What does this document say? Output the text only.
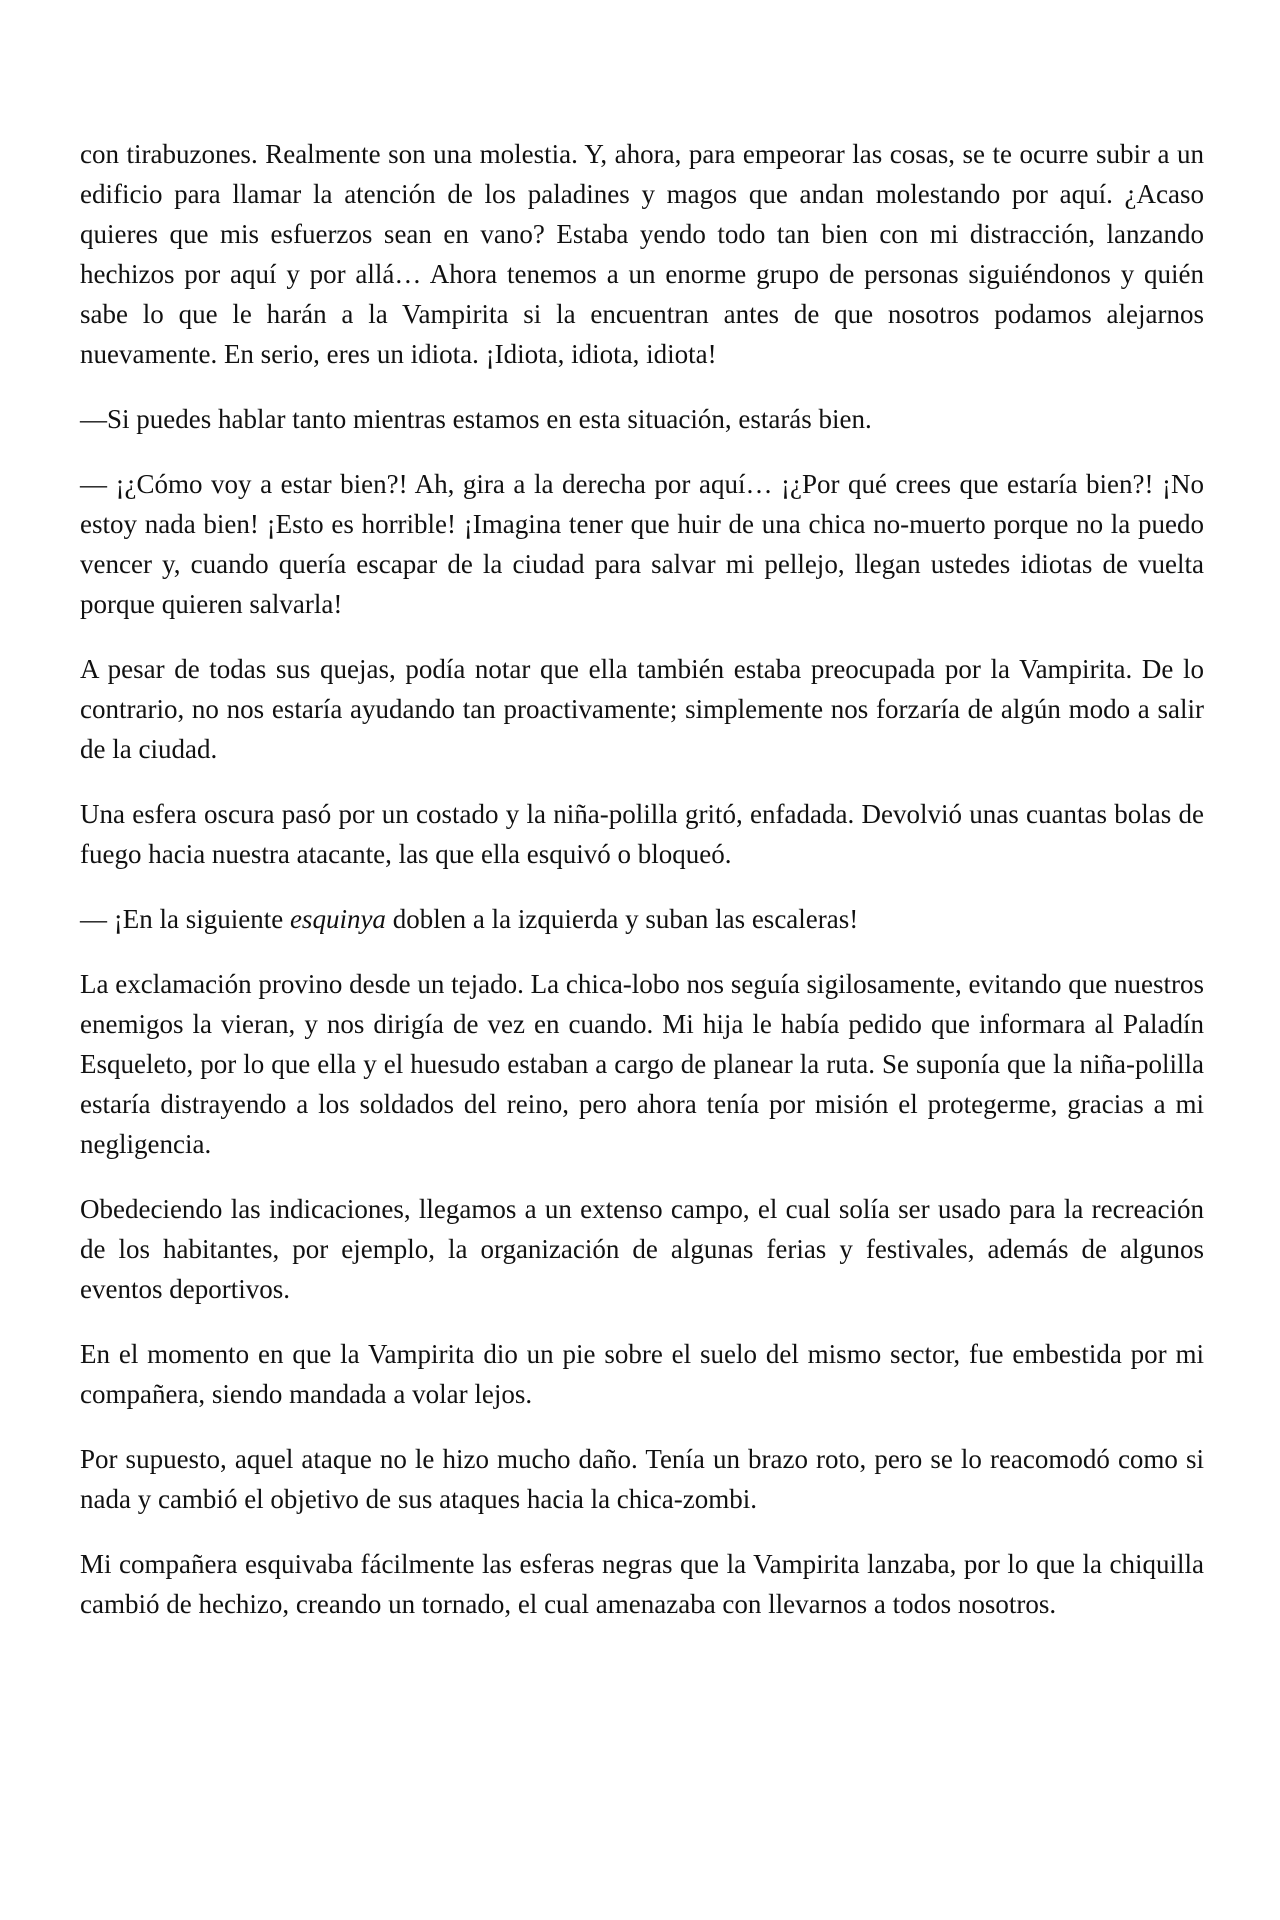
con tirabuzones. Realmente son una molestia. Y, ahora, para empeorar las cosas, se te ocurre subir a un edificio para llamar la atención de los paladines y magos que andan molestando por aquí. ¿Acaso quieres que mis esfuerzos sean en vano? Estaba yendo todo tan bien con mi distracción, lanzando hechizos por aquí y por allá… Ahora tenemos a un enorme grupo de personas siguiéndonos y quién sabe lo que le harán a la Vampirita si la encuentran antes de que nosotros podamos alejarnos nuevamente. En serio, eres un idiota. ¡Idiota, idiota, idiota!

—Si puedes hablar tanto mientras estamos en esta situación, estarás bien.

— ¡¿Cómo voy a estar bien?! Ah, gira a la derecha por aquí… ¡¿Por qué crees que estaría bien?! ¡No estoy nada bien! ¡Esto es horrible! ¡Imagina tener que huir de una chica no-muerto porque no la puedo vencer y, cuando quería escapar de la ciudad para salvar mi pellejo, llegan ustedes idiotas de vuelta porque quieren salvarla!

A pesar de todas sus quejas, podía notar que ella también estaba preocupada por la Vampirita. De lo contrario, no nos estaría ayudando tan proactivamente; simplemente nos forzaría de algún modo a salir de la ciudad.

Una esfera oscura pasó por un costado y la niña-polilla gritó, enfadada. Devolvió unas cuantas bolas de fuego hacia nuestra atacante, las que ella esquivó o bloqueó.

— ¡En la siguiente esquinya doblen a la izquierda y suban las escaleras!

La exclamación provino desde un tejado. La chica-lobo nos seguía sigilosamente, evitando que nuestros enemigos la vieran, y nos dirigía de vez en cuando. Mi hija le había pedido que informara al Paladín Esqueleto, por lo que ella y el huesudo estaban a cargo de planear la ruta. Se suponía que la niña-polilla estaría distrayendo a los soldados del reino, pero ahora tenía por misión el protegerme, gracias a mi negligencia.

Obedeciendo las indicaciones, llegamos a un extenso campo, el cual solía ser usado para la recreación de los habitantes, por ejemplo, la organización de algunas ferias y festivales, además de algunos eventos deportivos.

En el momento en que la Vampirita dio un pie sobre el suelo del mismo sector, fue embestida por mi compañera, siendo mandada a volar lejos.

Por supuesto, aquel ataque no le hizo mucho daño. Tenía un brazo roto, pero se lo reacomodó como si nada y cambió el objetivo de sus ataques hacia la chica-zombi.

Mi compañera esquivaba fácilmente las esferas negras que la Vampirita lanzaba, por lo que la chiquilla cambió de hechizo, creando un tornado, el cual amenazaba con llevarnos a todos nosotros.
